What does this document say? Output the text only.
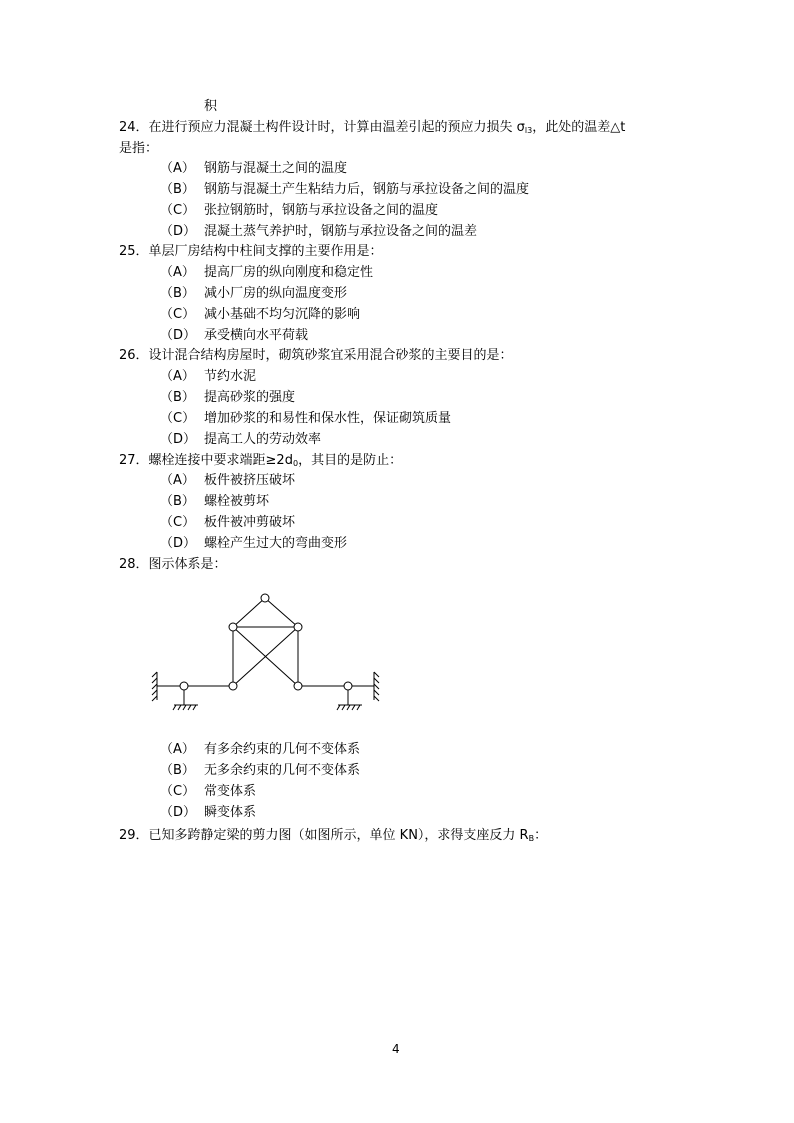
积
24．在进行预应力混凝土构件设计时，计算由温差引起的预应力损失 $\sigma_{l3}$，此处的温差△t
是指：
（A） 钢筋与混凝土之间的温度
（B） 钢筋与混凝土产生粘结力后，钢筋与承拉设备之间的温度
（C） 张拉钢筋时，钢筋与承拉设备之间的温度
（D） 混凝土蒸气养护时，钢筋与承拉设备之间的温差
25．单层厂房结构中柱间支撑的主要作用是：
（A） 提高厂房的纵向刚度和稳定性
（B） 减小厂房的纵向温度变形
（C） 减小基础不均匀沉降的影响
（D） 承受横向水平荷载
26．设计混合结构房屋时，砌筑砂浆宜采用混合砂浆的主要目的是：
（A） 节约水泥
（B） 提高砂浆的强度
（C） 增加砂浆的和易性和保水性，保证砌筑质量
（D） 提高工人的劳动效率
27．螺栓连接中要求端距$\ge 2d_0$，其目的是防止：
（A） 板件被挤压破坏
（B） 螺栓被剪坏
（C） 板件被冲剪破坏
（D） 螺栓产生过大的弯曲变形
28．图示体系是：
（A） 有多余约束的几何不变体系
（B） 无多余约束的几何不变体系
（C） 常变体系
（D） 瞬变体系
29．已知多跨静定梁的剪力图（如图所示，单位 KN），求得支座反力 $R_B$：
4
